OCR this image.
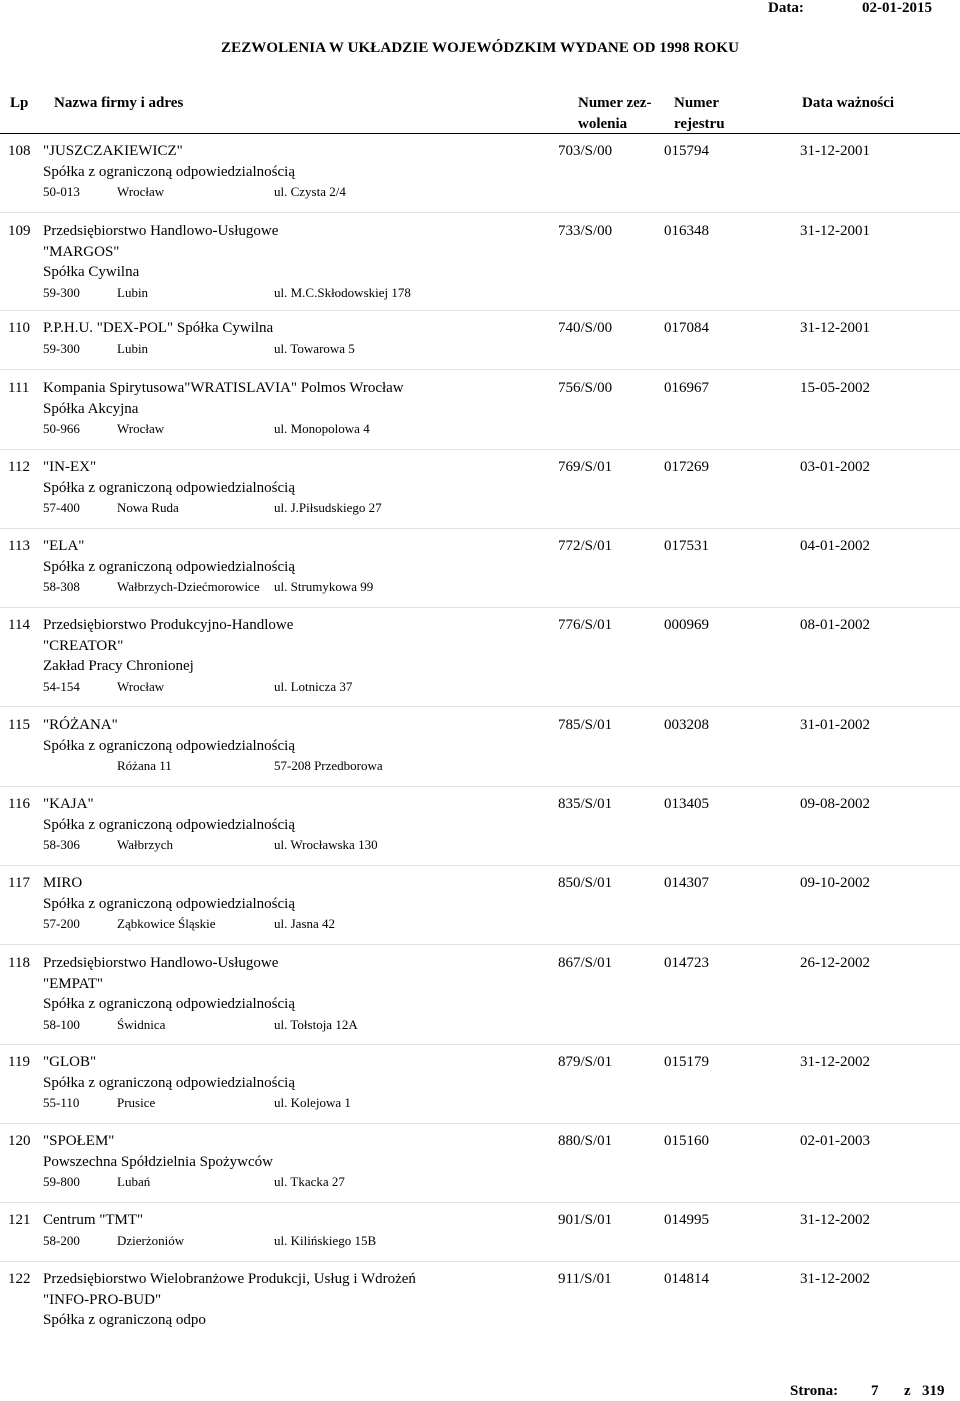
Data:	02-01-2015
ZEZWOLENIA W UKŁADZIE WOJEWÓDZKIM WYDANE OD 1998 ROKU
Lp Nazwa firmy i adres	Numer zez- wolenia
Numer rejestru
Data ważności
108	703/S/00	015794	31-12-2001
"JUSZCZAKIEWICZ"
Spółka z ograniczoną odpowiedzialnością
50-013	Wrocław	ul. Czysta 2/4
109	733/S/00	016348	31-12-2001
Przedsiębiorstwo Handlowo-Usługowe
"MARGOS"
Spółka Cywilna
59-300	Lubin	ul. M.C.Skłodowskiej 178
110	740/S/00	017084	31-12-2001
P.P.H.U. "DEX-POL" Spółka Cywilna
59-300	Lubin	ul. Towarowa 5
111	756/S/00	016967	15-05-2002
Kompania Spirytusowa"WRATISLAVIA" Polmos Wrocław
Spółka Akcyjna
50-966	Wrocław	ul. Monopolowa 4
112	769/S/01	017269	03-01-2002
"IN-EX"
Spółka z ograniczoną odpowiedzialnością
57-400	Nowa Ruda	ul. J.Piłsudskiego 27
113	772/S/01	017531	04-01-2002
"ELA"
Spółka z ograniczoną odpowiedzialnością
58-308	Wałbrzych-Dziećmorowice ul. Strumykowa 99
114	776/S/01	000969	08-01-2002
Przedsiębiorstwo Produkcyjno-Handlowe
"CREATOR"
Zakład Pracy Chronionej
54-154	Wrocław	ul. Lotnicza 37
115	785/S/01	003208	31-01-2002
"RÓŻANA"
Spółka z ograniczoną odpowiedzialnością
Różana 11	57-208 Przedborowa
116	835/S/01	013405	09-08-2002
"KAJA"
Spółka z ograniczoną odpowiedzialnością
58-306	Wałbrzych	ul. Wrocławska 130
117	850/S/01	014307	09-10-2002
MIRO
Spółka z ograniczoną odpowiedzialnością
57-200	Ząbkowice Śląskie	ul. Jasna 42
118	867/S/01	014723	26-12-2002
Przedsiębiorstwo Handlowo-Usługowe
"EMPAT"
Spółka z ograniczoną odpowiedzialnością
58-100	Świdnica	ul. Tołstoja 12A
119	879/S/01	015179	31-12-2002
"GLOB"
Spółka z ograniczoną odpowiedzialnością
55-110	Prusice	ul. Kolejowa 1
120	880/S/01	015160	02-01-2003
"SPOŁEM"
Powszechna Spółdzielnia Spożywców
59-800	Lubań	ul. Tkacka 27
121	901/S/01	014995	31-12-2002
Centrum "TMT"
58-200	Dzierżoniów	ul. Kilińskiego 15B
122	911/S/01	014814	31-12-2002
Przedsiębiorstwo Wielobranżowe Produkcji, Usług i Wdrożeń
"INFO-PRO-BUD"
Spółka z ograniczoną odpo
Strona: 7 z 319
